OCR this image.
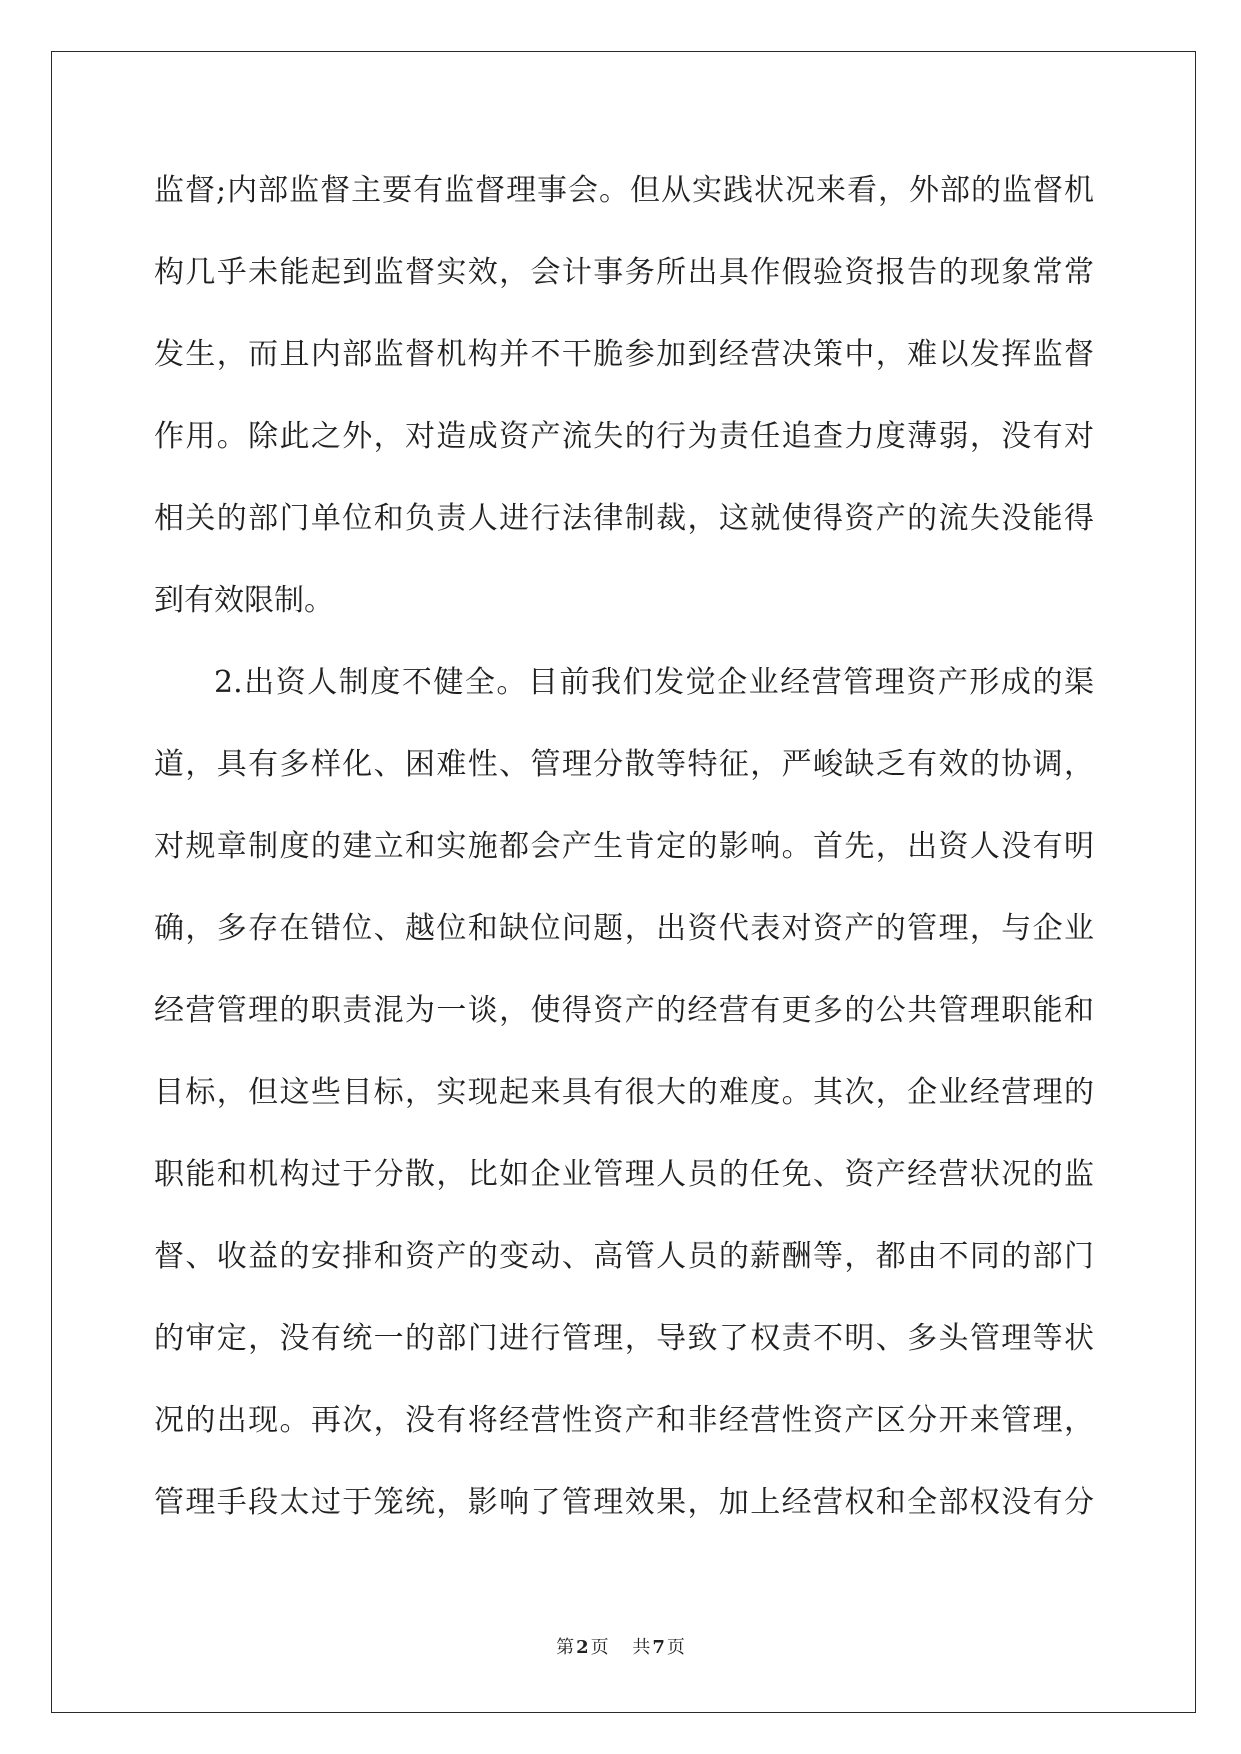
监督;内部监督主要有监督理事会。但从实践状况来看，外部的监督机
构几乎未能起到监督实效，会计事务所出具作假验资报告的现象常常
发生，而且内部监督机构并不干脆参加到经营决策中，难以发挥监督
作用。除此之外，对造成资产流失的行为责任追查力度薄弱，没有对
相关的部门单位和负责人进行法律制裁，这就使得资产的流失没能得
到有效限制。
2.出资人制度不健全。目前我们发觉企业经营管理资产形成的渠
道，具有多样化、困难性、管理分散等特征，严峻缺乏有效的协调，
对规章制度的建立和实施都会产生肯定的影响。首先，出资人没有明
确，多存在错位、越位和缺位问题，出资代表对资产的管理，与企业
经营管理的职责混为一谈，使得资产的经营有更多的公共管理职能和
目标，但这些目标，实现起来具有很大的难度。其次，企业经营理的
职能和机构过于分散，比如企业管理人员的任免、资产经营状况的监
督、收益的安排和资产的变动、高管人员的薪酬等，都由不同的部门
的审定，没有统一的部门进行管理，导致了权责不明、多头管理等状
况的出现。再次，没有将经营性资产和非经营性资产区分开来管理，
管理手段太过于笼统，影响了管理效果，加上经营权和全部权没有分
第 2 页 共 7 页
